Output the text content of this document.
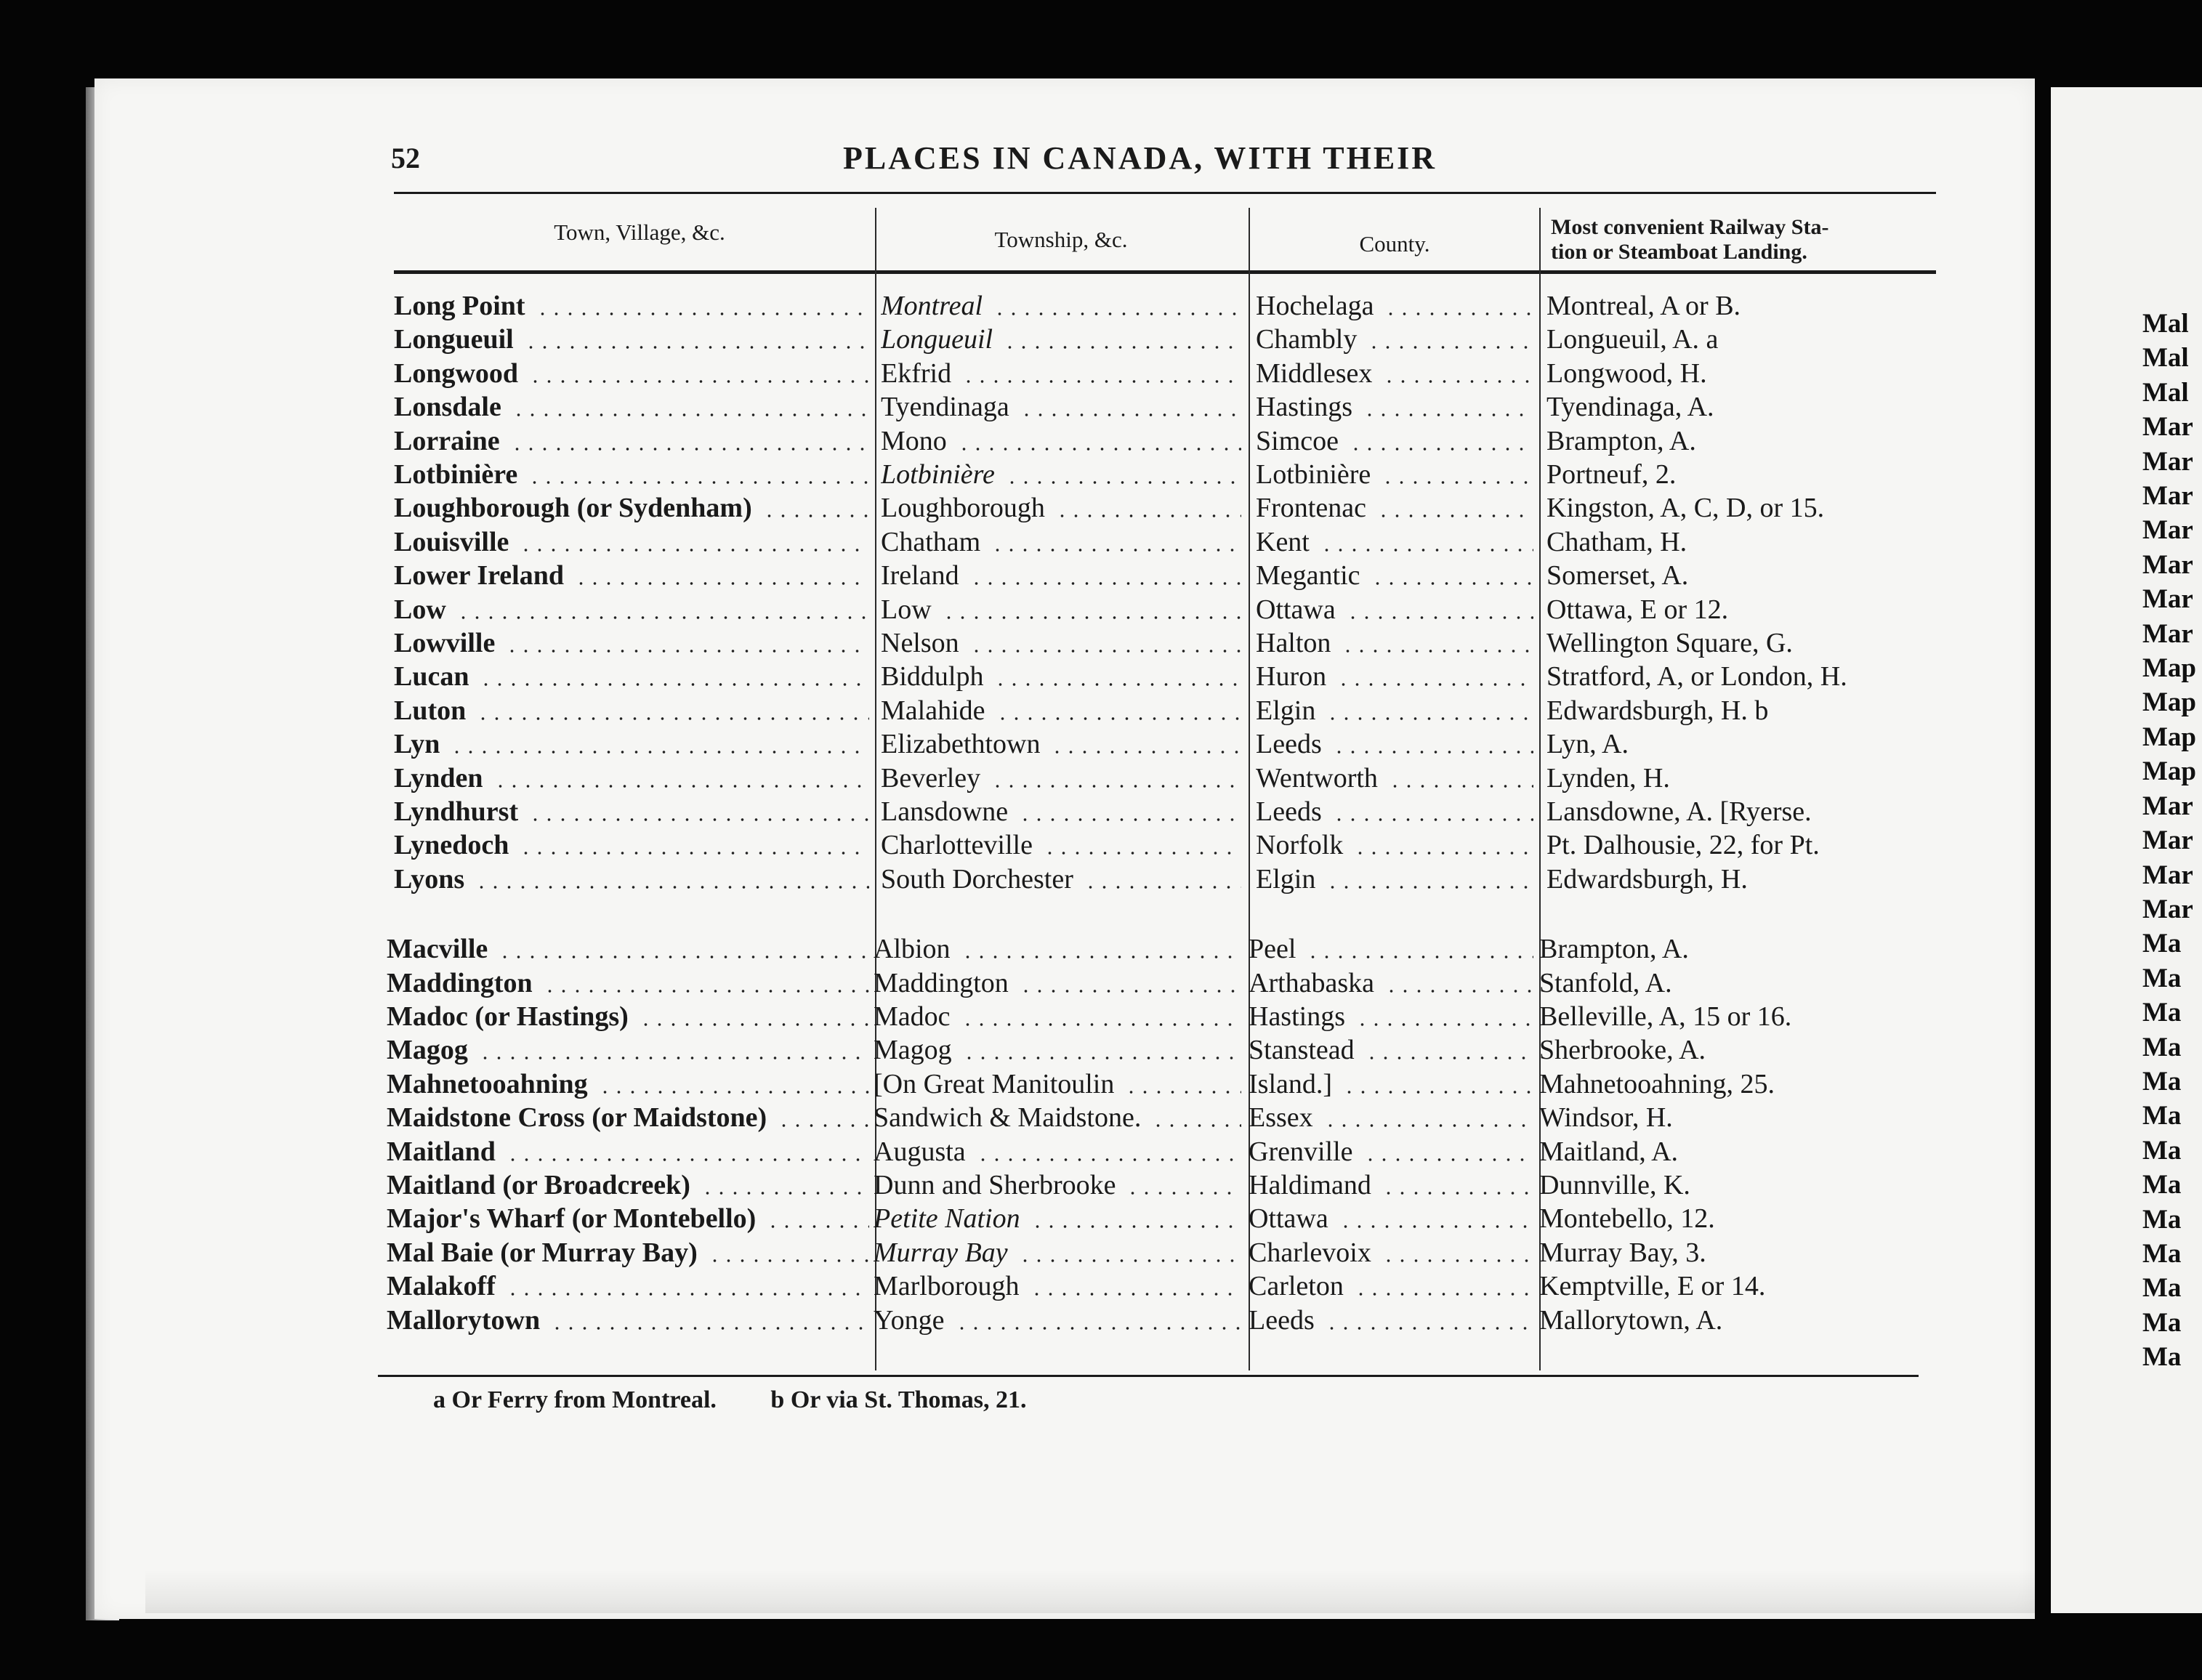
Mal
Mal
Mal
Mar
Mar
Mar
Mar
Mar
Mar
Mar
Map
Map
Map
Map
Mar
Mar
Mar
Mar
Ma
Ma
Ma
Ma
Ma
Ma
Ma
Ma
Ma
Ma
Ma
Ma
Ma
52	PLACES IN CANADA, WITH THEIR
Town, Village, &c.	Township, &c.	County.
Most convenient Railway Sta-
tion or Steamboat Landing.
Long Point	Montreal	Hochelaga	Montreal, A or B.
Longueuil	Longueuil	Chambly	Longueuil, A. a
Longwood	Ekfrid	Middlesex	Longwood, H.
Lonsdale	Tyendinaga	Hastings	Tyendinaga, A.
Lorraine	Mono	Simcoe	Brampton, A.
Lotbinière	Lotbinière	Lotbinière	Portneuf, 2.
Loughborough (or Sydenham)	Loughborough	Frontenac	Kingston, A, C, D, or 15.
Louisville	Chatham	Kent	Chatham, H.
Lower Ireland	Ireland	Megantic	Somerset, A.
Low	Low	Ottawa	Ottawa, E or 12.
Lowville	Nelson	Halton	Wellington Square, G.
Lucan	Biddulph	Huron	Stratford, A, or London, H.
Luton	Malahide	Elgin	Edwardsburgh, H. b
Lyn	Elizabethtown	Leeds	Lyn, A.
Lynden	Beverley	Wentworth	Lynden, H.
Lyndhurst	Lansdowne	Leeds	Lansdowne, A. [Ryerse.
Lynedoch	Charlotteville	Norfolk	Pt. Dalhousie, 22, for Pt.
Lyons	South Dorchester	Elgin	Edwardsburgh, H.
Macville	Albion	Peel	Brampton, A.
Maddington	Maddington	Arthabaska	Stanfold, A.
Madoc (or Hastings)	Madoc	Hastings	Belleville, A, 15 or 16.
Magog	Magog	Stanstead	Sherbrooke, A.
Mahnetooahning	[On Great Manitoulin	Island.]	Mahnetooahning, 25.
Maidstone Cross (or Maidstone)	Sandwich & Maidstone.	Essex	Windsor, H.
Maitland	Augusta	Grenville	Maitland, A.
Maitland (or Broadcreek)	Dunn and Sherbrooke	Haldimand	Dunnville, K.
Major's Wharf (or Montebello)	Petite Nation	Ottawa	Montebello, 12.
Mal Baie (or Murray Bay)	Murray Bay	Charlevoix	Murray Bay, 3.
Malakoff	Marlborough	Carleton	Kemptville, E or 14.
Mallorytown	Yonge	Leeds	Mallorytown, A.
a Or Ferry from Montreal. b Or via St. Thomas, 21.
